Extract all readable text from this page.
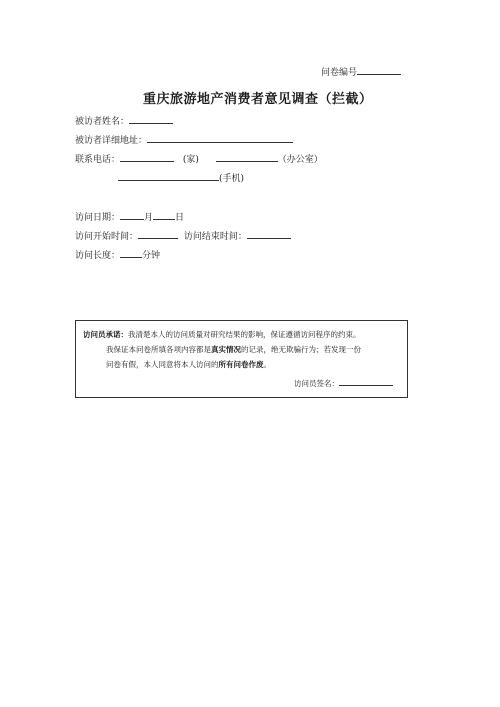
问卷编号
重庆旅游地产消费者意见调查（拦截）
被访者姓名：
被访者详细地址：
联系电话：	(家)	（办公室）
(手机)
访问日期：	月 日
访问开始时间：	访问结束时间：
访问长度： 分钟

访问员承诺：我清楚本人的访问质量对研究结果的影响，保证遵循访问程序的约束。

我保证本问卷所填各项内容都是真实情况的记录，绝无欺骗行为；若发现一份

问卷有假，本人同意将本人访问的所有问卷作废。

访问员签名：
